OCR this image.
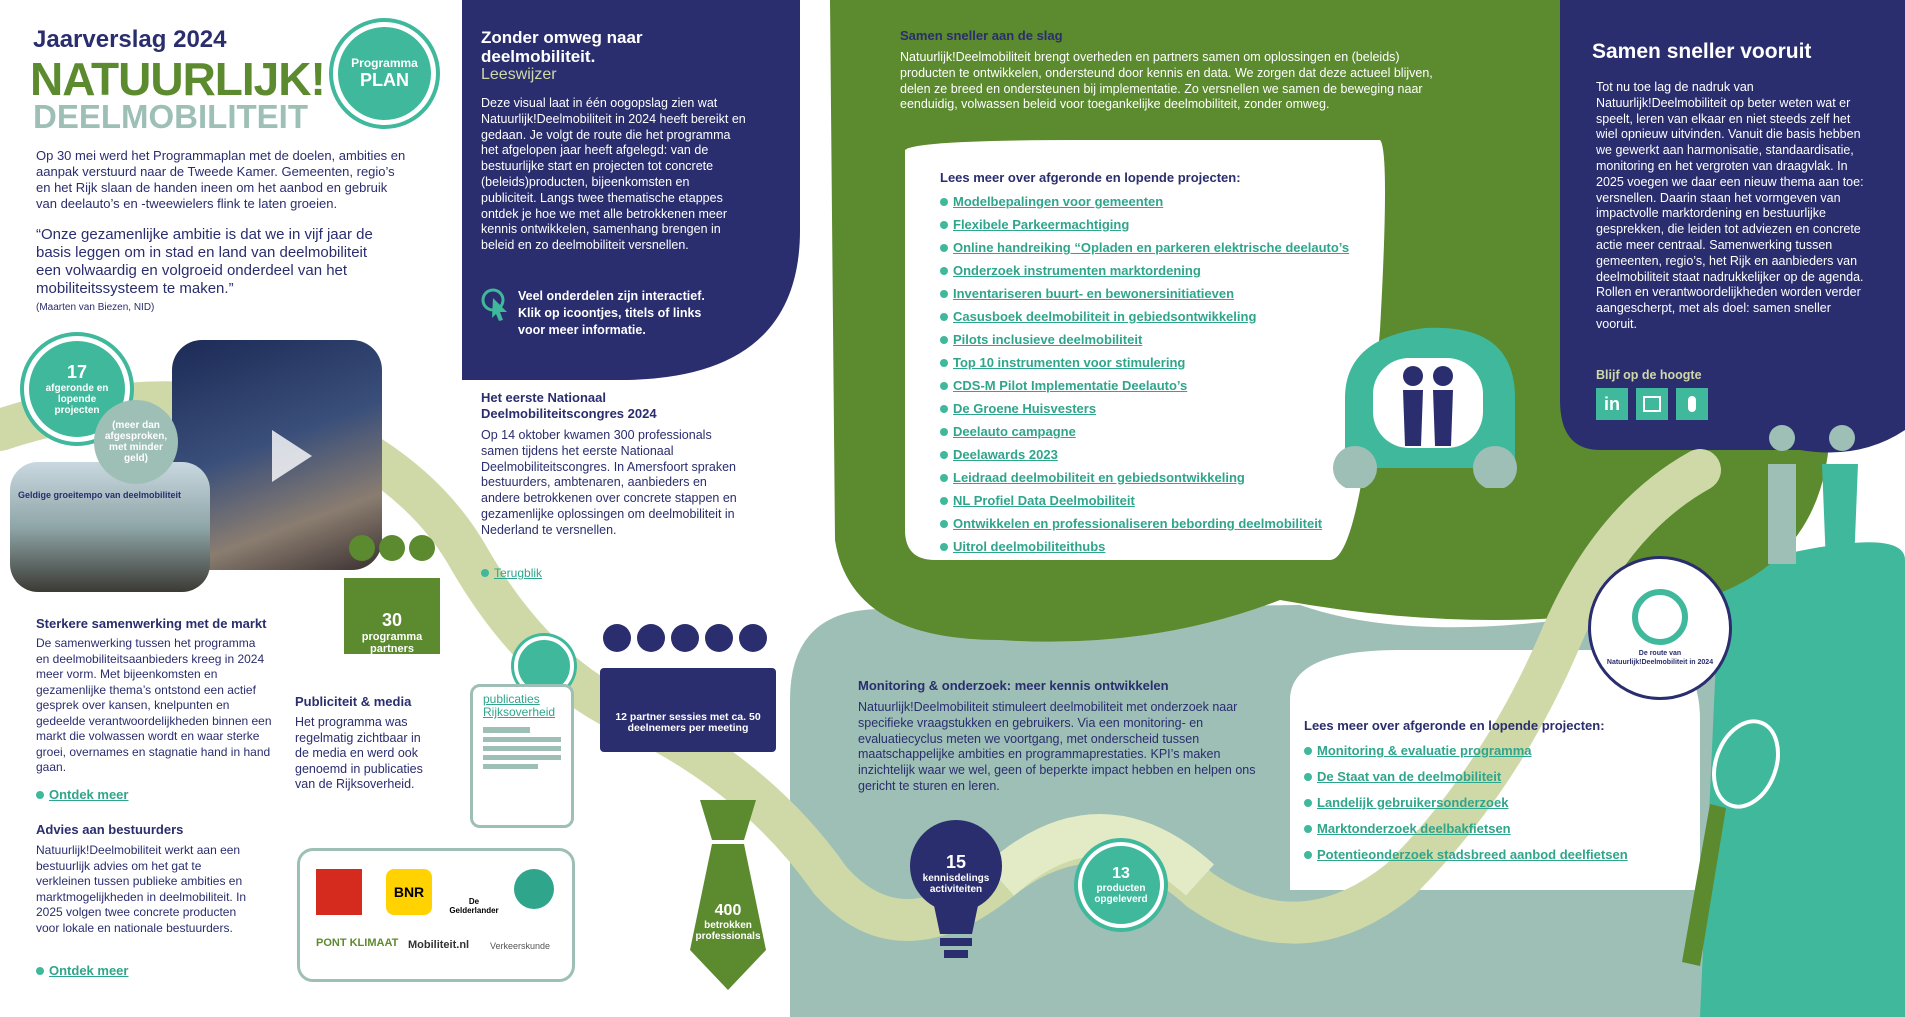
Jaarverslag 2024
NATUURLIJK!
DEELMOBILITEIT
Programma
PLAN
Op 30 mei werd het Programmaplan met de doelen, ambities en aanpak verstuurd naar de Tweede Kamer. Gemeenten, regio’s en het Rijk slaan de handen ineen om het aanbod en gebruik van deelauto’s en -tweewielers flink te laten groeien.
“Onze gezamenlijke ambitie is dat we in vijf jaar de basis leggen om in stad en land van deelmobiliteit een volwaardig en volgroeid onderdeel van het mobiliteitssysteem te maken.”
(Maarten van Biezen, NID)
Geldige groeitempo van deelmobiliteit
17
afgeronde en lopende projecten
(meer dan afgesproken, met minder geld)
30
programma partners
Sterkere samenwerking met de markt
De samenwerking tussen het programma en deelmobiliteitsaanbieders kreeg in 2024 meer vorm. Met bijeenkomsten en gezamenlijke thema’s ontstond een actief gesprek over kansen, knelpunten en gedeelde verantwoordelijkheden binnen een markt die volwassen wordt en waar sterke groei, overnames en stagnatie hand in hand gaan.
Ontdek meer
Advies aan bestuurders
Natuurlijk!Deelmobiliteit werkt aan een bestuurlijk advies om het gat te verkleinen tussen publieke ambities en marktmogelijkheden in deelmobiliteit. In 2025 volgen twee concrete producten voor lokale en nationale bestuurders.
Ontdek meer
Zonder omweg naar deelmobiliteit.
Leeswijzer
Deze visual laat in één oogopslag zien wat Natuurlijk!Deelmobiliteit in 2024 heeft bereikt en gedaan. Je volgt de route die het programma het afgelopen jaar heeft afgelegd: van de bestuurlijke start en projecten tot concrete (beleids)producten, bijeenkomsten en publiciteit. Langs twee thematische etappes ontdek je hoe we met alle betrokkenen meer kennis ontwikkelen, samenhang brengen in beleid en zo deelmobiliteit versnellen.
Veel onderdelen zijn interactief. Klik op icoontjes, titels of links voor meer informatie.
Het eerste Nationaal Deelmobiliteitscongres 2024
Op 14 oktober kwamen 300 professionals samen tijdens het eerste Nationaal Deelmobiliteitscongres. In Amersfoort spraken bestuurders, ambtenaren, aanbieders en andere betrokkenen over concrete stappen en gezamenlijke oplossingen om deelmobiliteit in Nederland te versnellen.
Terugblik
Publiciteit & media
Het programma was regelmatig zichtbaar in de media en werd ook genoemd in publicaties van de Rijksoverheid.
publicaties Rijksoverheid
BNR
De Gelderlander
PONT KLIMAAT Mobiliteit.nl Verkeerskunde
12 partner sessies met ca. 50 deelnemers per meeting
400
betrokken professionals
Samen sneller aan de slag
Natuurlijk!Deelmobiliteit brengt overheden en partners samen om oplossingen en (beleids) producten te ontwikkelen, ondersteund door kennis en data. We zorgen dat deze actueel blijven, delen ze breed en ondersteunen bij implementatie. Zo versnellen we samen de beweging naar eenduidig, volwassen beleid voor toegankelijke deelmobiliteit, zonder omweg.
Lees meer over afgeronde en lopende projecten:
Modelbepalingen voor gemeenten
Flexibele Parkeermachtiging
Online handreiking “Opladen en parkeren elektrische deelauto’s
Onderzoek instrumenten marktordening
Inventariseren buurt- en bewonersinitiatieven
Casusboek deelmobiliteit in gebiedsontwikkeling
Pilots inclusieve deelmobiliteit
Top 10 instrumenten voor stimulering
CDS-M Pilot Implementatie Deelauto’s
De Groene Huisvesters
Deelauto campagne
Deelawards 2023
Leidraad deelmobiliteit en gebiedsontwikkeling
NL Profiel Data Deelmobiliteit
Ontwikkelen en professionaliseren bebording deelmobiliteit
Uitrol deelmobiliteithubs
Samen sneller vooruit
Tot nu toe lag de nadruk van Natuurlijk!Deelmobiliteit op beter weten wat er speelt, leren van elkaar en niet steeds zelf het wiel opnieuw uitvinden. Vanuit die basis hebben we gewerkt aan harmonisatie, standaardisatie, monitoring en het vergroten van draagvlak. In 2025 voegen we daar een nieuw thema aan toe: versnellen. Daarin staan het vormgeven van impactvolle marktordening en bestuurlijke gesprekken, die leiden tot adviezen en concrete actie meer centraal. Samenwerking tussen gemeenten, regio’s, het Rijk en aanbieders van deelmobiliteit staat nadrukkelijker op de agenda. Rollen en verantwoordelijkheden worden verder aangescherpt, met als doel: samen sneller vooruit.
Blijf op de hoogte
in
De route van Natuurlijk!Deelmobiliteit in 2024
Monitoring & onderzoek: meer kennis ontwikkelen
Natuurlijk!Deelmobiliteit stimuleert deelmobiliteit met onderzoek naar specifieke vraagstukken en gebruikers. Via een monitoring- en evaluatiecyclus meten we voortgang, met onderscheid tussen maatschappelijke ambities en programmaprestaties. KPI’s maken inzichtelijk waar we wel, geen of beperkte impact hebben en helpen ons gericht te sturen en leren.
Lees meer over afgeronde en lopende projecten:
Monitoring & evaluatie programma
De Staat van de deelmobiliteit
Landelijk gebruikersonderzoek
Marktonderzoek deelbakfietsen
Potentieonderzoek stadsbreed aanbod deelfietsen
15
kennisdelings activiteiten
13
producten opgeleverd
